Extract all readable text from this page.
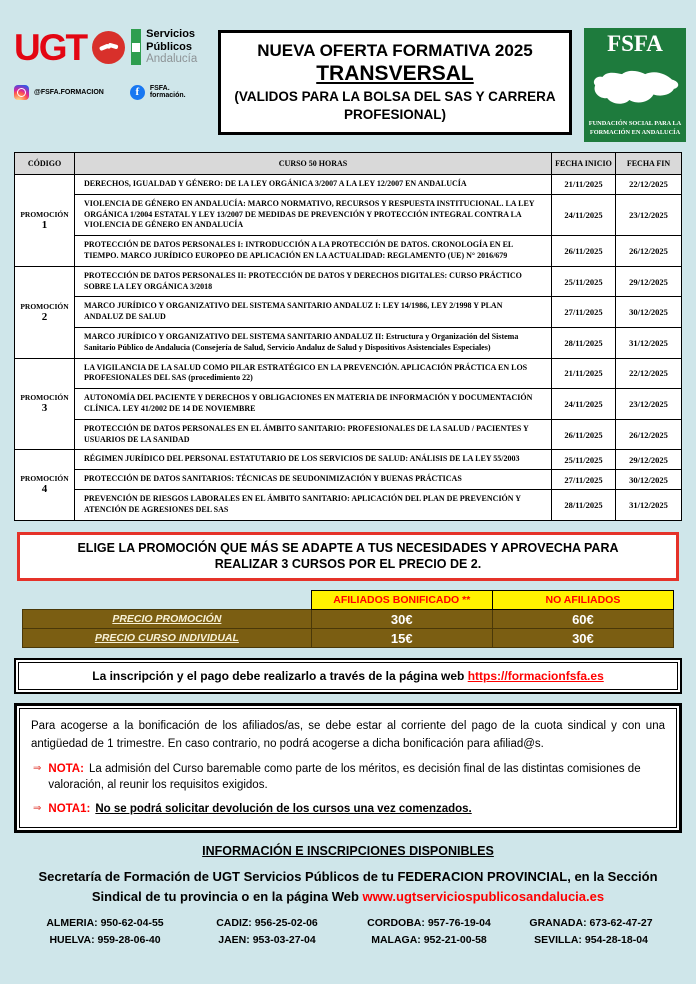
UGT	Servicios
Públicos
Andalucía
@FSFA.FORMACION	f	FSFA. formación.
NUEVA OFERTA FORMATIVA 2025
TRANSVERSAL
(VALIDOS PARA LA BOLSA DEL SAS Y CARRERA PROFESIONAL)
FSFA
FUNDACIÓN SOCIAL PARA LA FORMACIÓN EN ANDALUCÍA
CÓDIGO	CURSO 50 HORAS	FECHA INICIO	FECHA FIN

PROMOCIÓN
1	DERECHOS, IGUALDAD Y GÉNERO: DE LA LEY ORGÁNICA 3/2007 A LA LEY 12/2007 EN ANDALUCÍA	21/11/2025	22/12/2025
	VIOLENCIA DE GÉNERO EN ANDALUCÍA: MARCO NORMATIVO, RECURSOS Y RESPUESTA INSTITUCIONAL. LA LEY ORGÁNICA 1/2004 ESTATAL Y LEY 13/2007 DE MEDIDAS DE PREVENCIÓN Y PROTECCIÓN INTEGRAL CONTRA LA VIOLENCIA DE GÉNERO EN ANDALUCÍA	24/11/2025	23/12/2025
	PROTECCIÓN DE DATOS PERSONALES I: INTRODUCCIÓN A LA PROTECCIÓN DE DATOS. CRONOLOGÍA EN EL TIEMPO. MARCO JURÍDICO EUROPEO DE APLICACIÓN EN LA ACTUALIDAD: REGLAMENTO (UE) N° 2016/679	26/11/2025	26/12/2025

PROMOCIÓN
2	PROTECCIÓN DE DATOS PERSONALES II: PROTECCIÓN DE DATOS Y DERECHOS DIGITALES: CURSO PRÁCTICO SOBRE LA LEY ORGÁNICA 3/2018	25/11/2025	29/12/2025
	MARCO JURÍDICO Y ORGANIZATIVO DEL SISTEMA SANITARIO ANDALUZ I: LEY 14/1986, LEY 2/1998 Y PLAN ANDALUZ DE SALUD	27/11/2025	30/12/2025
	MARCO JURÍDICO Y ORGANIZATIVO DEL SISTEMA SANITARIO ANDALUZ II: Estructura y Organización del Sistema Sanitario Público de Andalucia (Consejería de Salud, Servicio Andaluz de Salud y Dispositivos Asistenciales Especiales)	28/11/2025	31/12/2025

PROMOCIÓN
3	LA VIGILANCIA DE LA SALUD COMO PILAR ESTRATÉGICO EN LA PREVENCIÓN. APLICACIÓN PRÁCTICA EN LOS PROFESIONALES DEL SAS (procedimiento 22)	21/11/2025	22/12/2025
	AUTONOMÍA DEL PACIENTE Y DERECHOS Y OBLIGACIONES EN MATERIA DE INFORMACIÓN Y DOCUMENTACIÓN CLÍNICA. LEY 41/2002 DE 14 DE NOVIEMBRE	24/11/2025	23/12/2025
	PROTECCIÓN DE DATOS PERSONALES EN EL ÁMBITO SANITARIO: PROFESIONALES DE LA SALUD / PACIENTES Y USUARIOS DE LA SANIDAD	26/11/2025	26/12/2025

PROMOCIÓN
4	RÉGIMEN JURÍDICO DEL PERSONAL ESTATUTARIO DE LOS SERVICIOS DE SALUD: ANÁLISIS DE LA LEY 55/2003	25/11/2025	29/12/2025
	PROTECCIÓN DE DATOS SANITARIOS: TÉCNICAS DE SEUDONIMIZACIÓN Y BUENAS PRÁCTICAS	27/11/2025	30/12/2025
	PREVENCIÓN DE RIESGOS LABORALES EN EL ÁMBITO SANITARIO: APLICACIÓN DEL PLAN DE PREVENCIÓN Y ATENCIÓN DE AGRESIONES DEL SAS	28/11/2025	31/12/2025
ELIGE LA PROMOCIÓN QUE MÁS SE ADAPTE A TUS NECESIDADES Y APROVECHA PARA REALIZAR 3 CURSOS POR EL PRECIO DE 2.
	AFILIADOS BONIFICADO **	NO AFILIADOS
PRECIO PROMOCIÓN	30€	60€
PRECIO CURSO INDIVIDUAL	15€	30€
La inscripción y el pago debe realizarlo a través de la página web https://formacionfsfa.es
Para acogerse a la bonificación de los afiliados/as, se debe estar al corriente del pago de la cuota sindical y con una antigüedad de 1 trimestre. En caso contrario, no podrá acogerse a dicha bonificación para afiliad@s.
⇒ NOTA: La admisión del Curso baremable como parte de los méritos, es decisión final de las distintas comisiones de valoración, al reunir los requisitos exigidos.
⇒ NOTA1: No se podrá solicitar devolución de los cursos una vez comenzados.
INFORMACIÓN E INSCRIPCIONES DISPONIBLES
Secretaría de Formación de UGT Servicios Públicos de tu FEDERACION PROVINCIAL, en la Sección
Sindical de tu provincia o en la página Web www.ugtserviciospublicosandalucia.es
ALMERIA: 950-62-04-55	CADIZ: 956-25-02-06	CORDOBA: 957-76-19-04	GRANADA: 673-62-47-27
HUELVA: 959-28-06-40	JAEN: 953-03-27-04	MALAGA: 952-21-00-58	SEVILLA: 954-28-18-04
